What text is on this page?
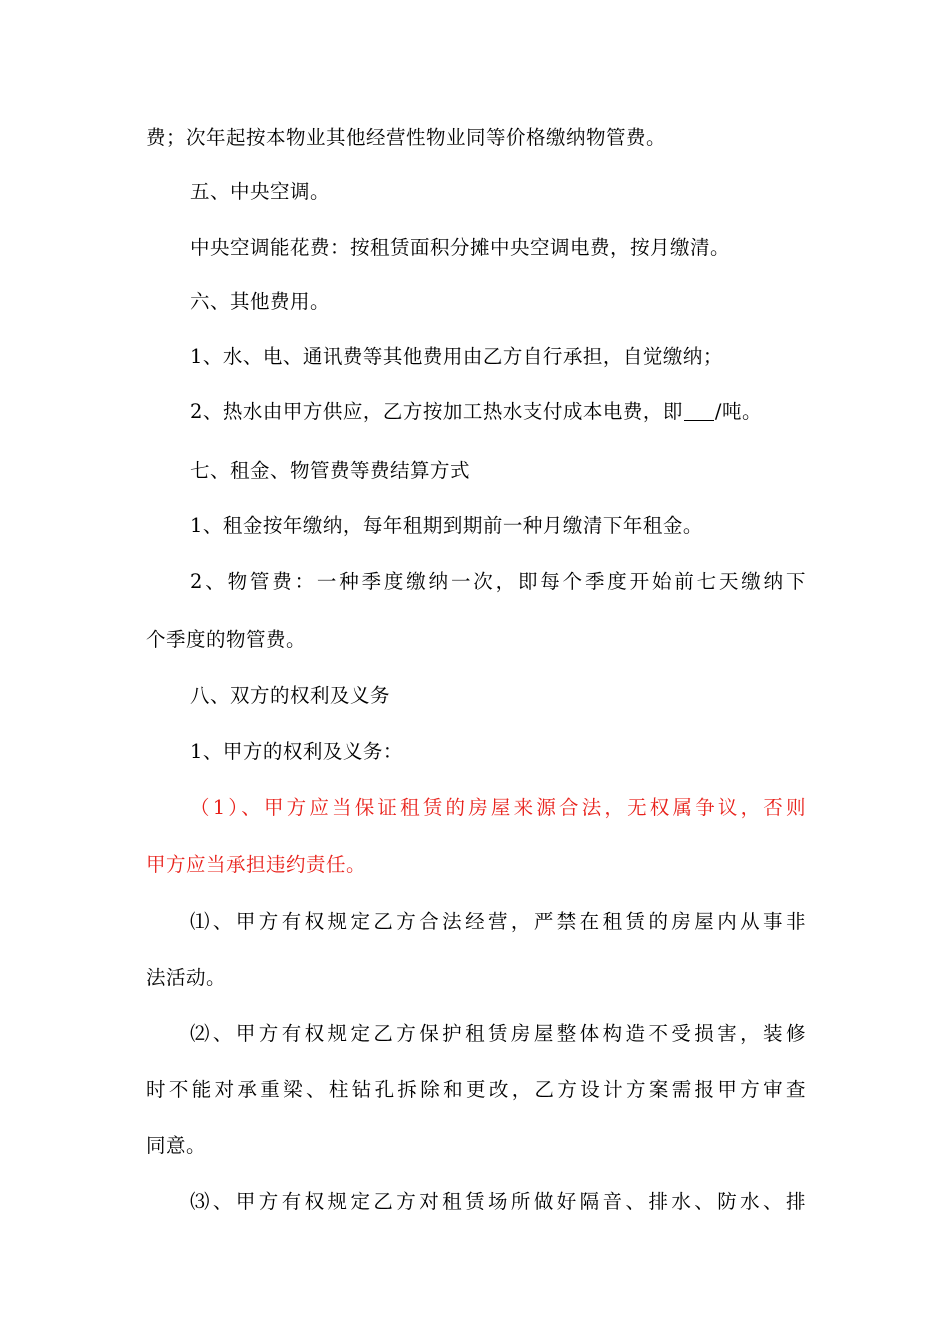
费；次年起按本物业其他经营性物业同等价格缴纳物管费。
五、中央空调。
中央空调能花费：按租赁面积分摊中央空调电费，按月缴清。
六、其他费用。
1、水、电、通讯费等其他费用由乙方自行承担，自觉缴纳；
2、热水由甲方供应，乙方按加工热水支付成本电费，即 /吨。
七、租金、物管费等费结算方式
1、租金按年缴纳，每年租期到期前一种月缴清下年租金。
2、物管费：一种季度缴纳一次，即每个季度开始前七天缴纳下
个季度的物管费。
八、双方的权利及义务
1、甲方的权利及义务：
（1）、甲方应当保证租赁的房屋来源合法，无权属争议，否则
甲方应当承担违约责任。
⑴、甲方有权规定乙方合法经营，严禁在租赁的房屋内从事非
法活动。
⑵、甲方有权规定乙方保护租赁房屋整体构造不受损害，装修
时不能对承重梁、柱钻孔拆除和更改，乙方设计方案需报甲方审查
同意。
⑶、甲方有权规定乙方对租赁场所做好隔音、排水、防水、排
